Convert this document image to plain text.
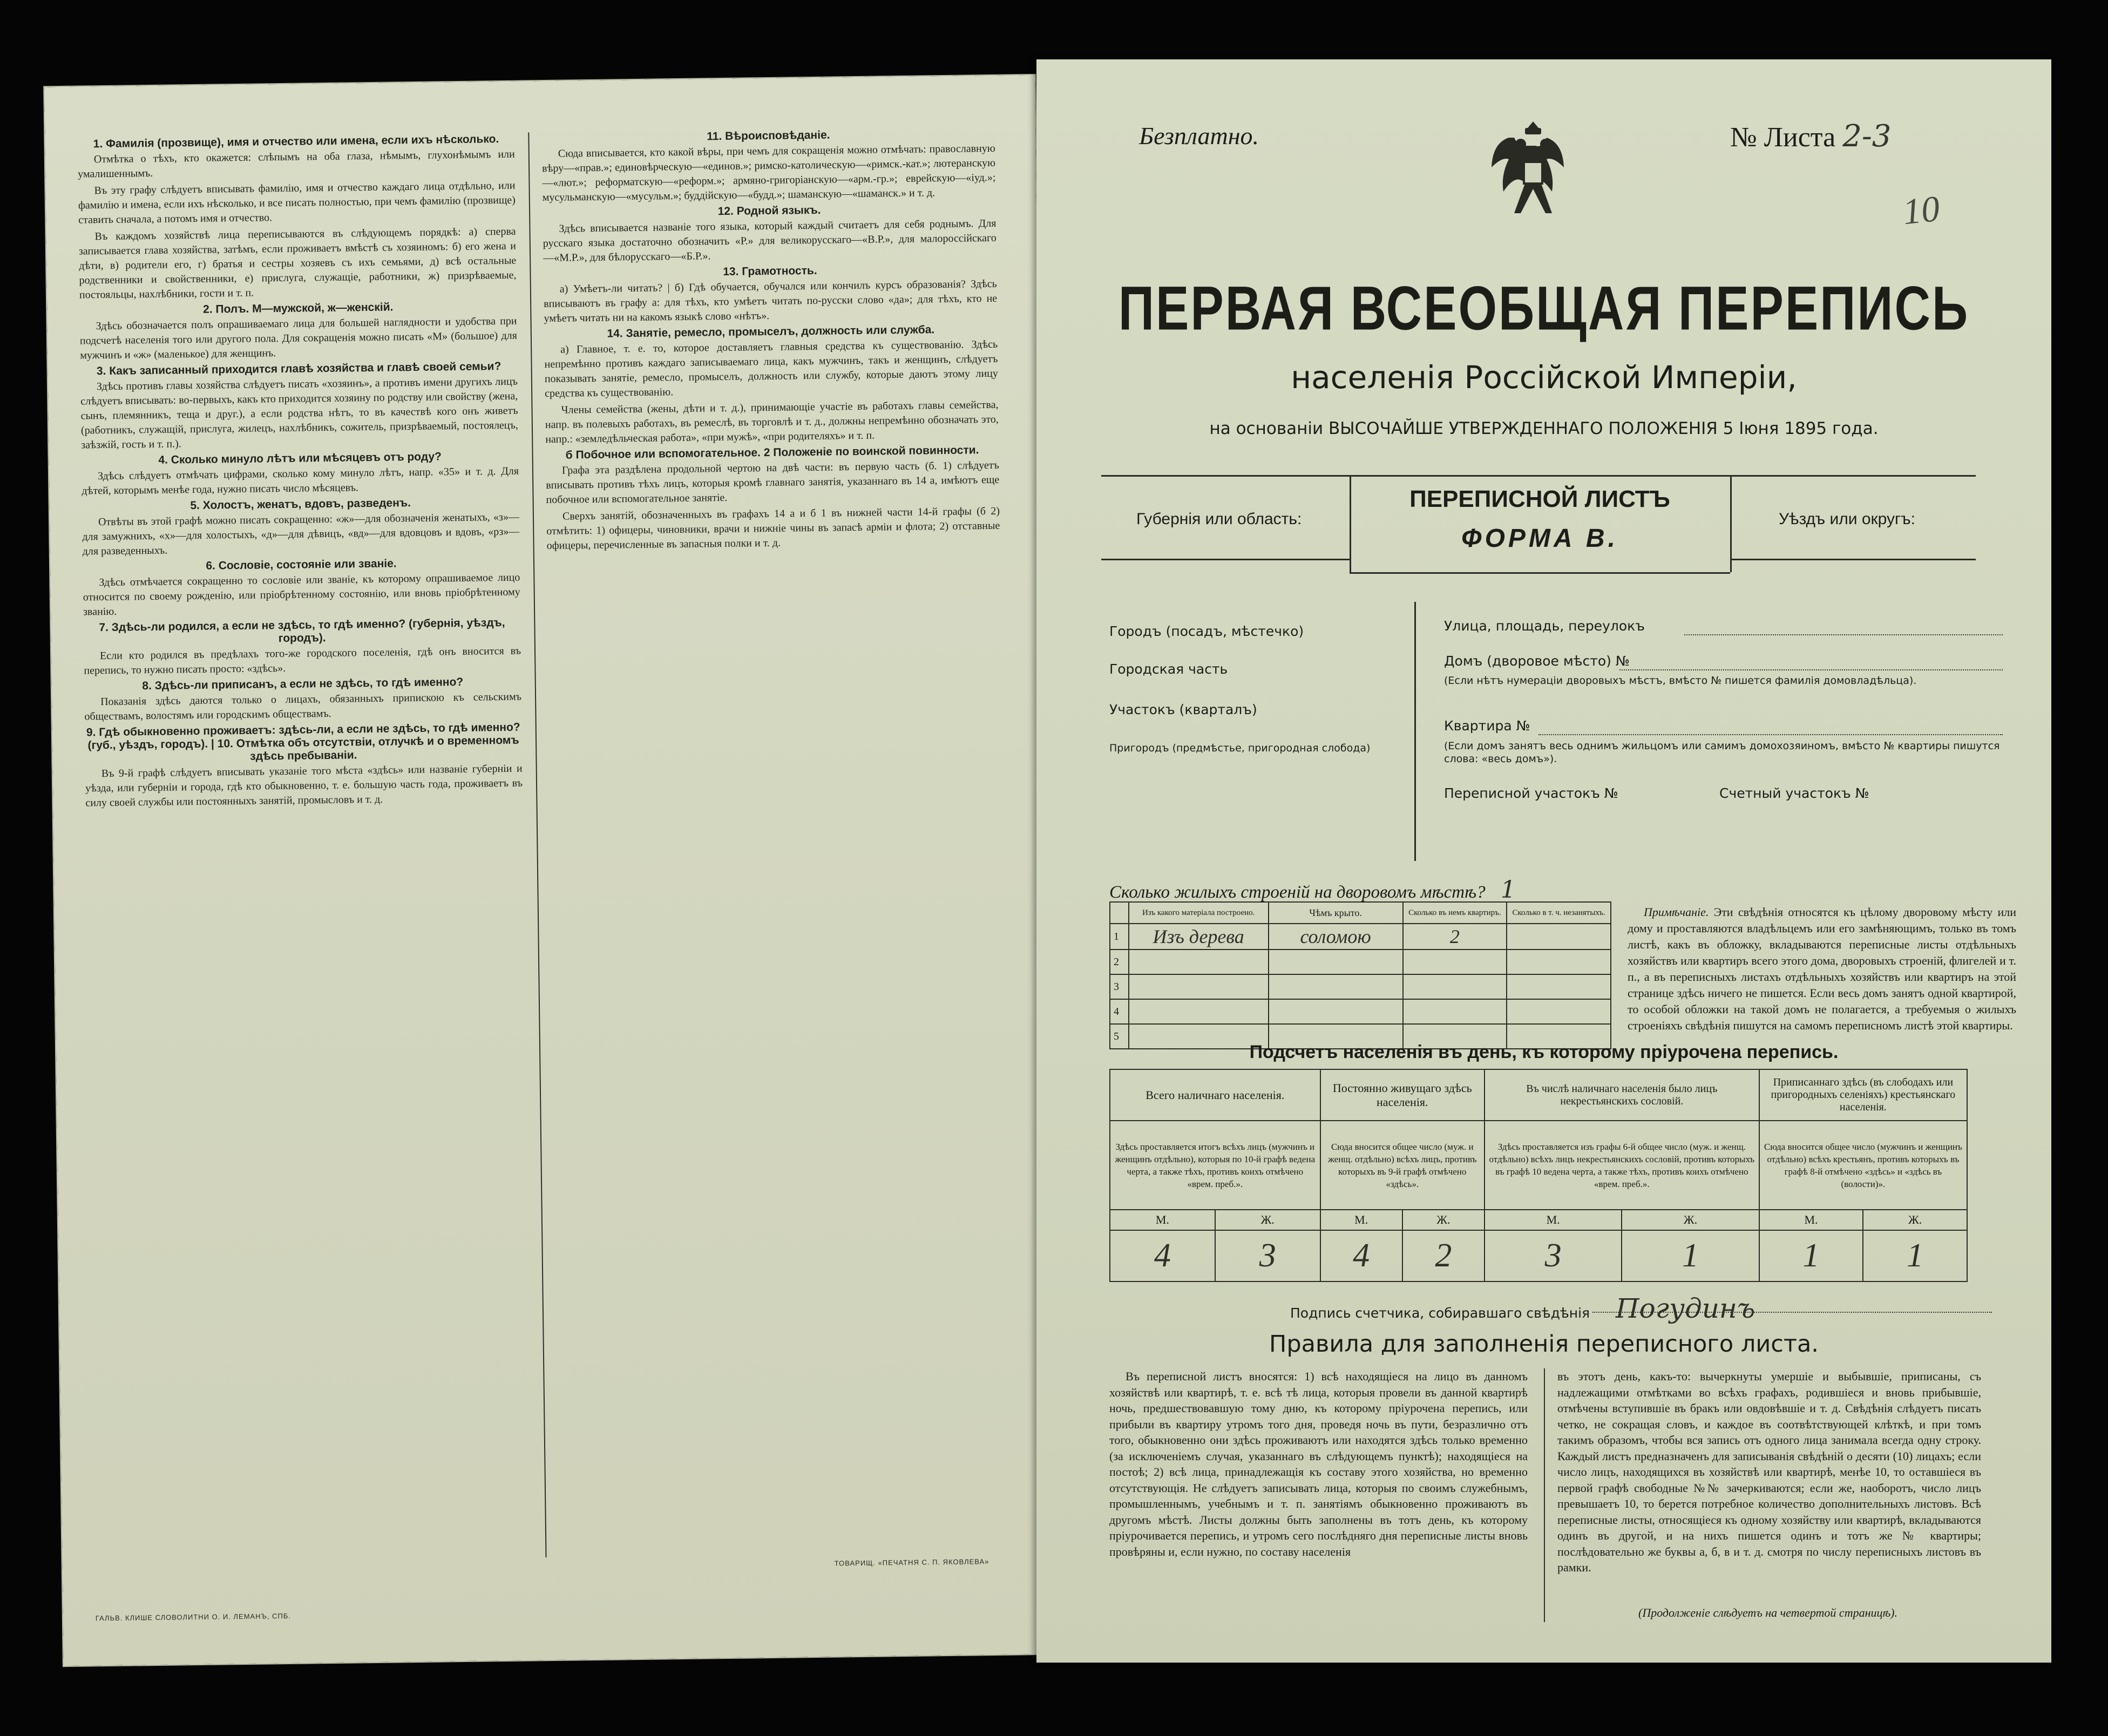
1. Фамилія (прозвище), имя и отчество или имена, если ихъ нѣсколько.
Отмѣтка о тѣхъ, кто окажется: слѣпымъ на оба глаза, нѣмымъ, глухонѣмымъ или умалишеннымъ.
Въ эту графу слѣдуетъ вписывать фамилію, имя и отчество каждаго лица отдѣльно, или фамилію и имена, если ихъ нѣсколько, и все писать полностью, при чемъ фамилію (прозвище) ставить сначала, а потомъ имя и отчество.
Въ каждомъ хозяйствѣ лица переписываются въ слѣдующемъ порядкѣ: а) сперва записывается глава хозяйства, затѣмъ, если проживаетъ вмѣстѣ съ хозяиномъ: б) его жена и дѣти, в) родители его, г) братья и сестры хозяевъ съ ихъ семьями, д) всѣ остальные родственники и свойственники, е) прислуга, служащіе, работники, ж) призрѣваемые, постояльцы, нахлѣбники, гости и т. п.
2. Полъ. М—мужской, ж—женскій.
Здѣсь обозначается полъ опрашиваемаго лица для большей наглядности и удобства при подсчетѣ населенія того или другого пола. Для сокращенія можно писать «М» (большое) для мужчинъ и «ж» (маленькое) для женщинъ.
3. Какъ записанный приходится главѣ хозяйства и главѣ своей семьи?
Здѣсь противъ главы хозяйства слѣдуетъ писать «хозяинъ», а противъ имени другихъ лицъ слѣдуетъ вписывать: во-первыхъ, какъ кто приходится хозяину по родству или свойству (жена, сынъ, племянникъ, теща и друг.), а если родства нѣтъ, то въ качествѣ кого онъ живетъ (работникъ, служащій, прислуга, жилецъ, нахлѣбникъ, сожитель, призрѣваемый, постоялецъ, заѣзжій, гость и т. п.).
4. Сколько минуло лѣтъ или мѣсяцевъ отъ роду?
Здѣсь слѣдуетъ отмѣчать цифрами, сколько кому минуло лѣтъ, напр. «35» и т. д. Для дѣтей, которымъ менѣе года, нужно писать число мѣсяцевъ.
5. Холостъ, женатъ, вдовъ, разведенъ.
Отвѣты въ этой графѣ можно писать сокращенно: «ж»—для обозначенія женатыхъ, «з»—для замужнихъ, «х»—для холостыхъ, «д»—для дѣвицъ, «вд»—для вдовцовъ и вдовъ, «рз»—для разведенныхъ.
6. Сословіе, состояніе или званіе.
Здѣсь отмѣчается сокращенно то сословіе или званіе, къ которому опрашиваемое лицо относится по своему рожденію, или пріобрѣтенному состоянію, или вновь пріобрѣтенному званію.
7. Здѣсь-ли родился, а если не здѣсь, то гдѣ именно? (губернія, уѣздъ, городъ).
Если кто родился въ предѣлахъ того-же городского поселенія, гдѣ онъ вносится въ перепись, то нужно писать просто: «здѣсь».
8. Здѣсь-ли приписанъ, а если не здѣсь, то гдѣ именно?
Показанія здѣсь даются только о лицахъ, обязанныхъ припискою къ сельскимъ обществамъ, волостямъ или городскимъ обществамъ.
9. Гдѣ обыкновенно проживаетъ: здѣсь-ли, а если не здѣсь, то гдѣ именно? (губ., уѣздъ, городъ). | 10. Отмѣтка объ отсутствіи, отлучкѣ и о временномъ здѣсь пребываніи.
Въ 9-й графѣ слѣдуетъ вписывать указаніе того мѣста «здѣсь» или названіе губерніи и уѣзда, или губерніи и города, гдѣ кто обыкновенно, т. е. большую часть года, проживаетъ въ силу своей службы или постоянныхъ занятій, промысловъ и т. д.
11. Вѣроисповѣданіе.
Сюда вписывается, кто какой вѣры, при чемъ для сокращенія можно отмѣчать: православную вѣру—«прав.»; единовѣрческую—«единов.»; римско-католическую—«римск.-кат.»; лютеранскую—«лют.»; реформатскую—«реформ.»; армяно-григоріанскую—«арм.-гр.»; еврейскую—«іуд.»; мусульманскую—«мусульм.»; буддійскую—«будд.»; шаманскую—«шаманск.» и т. д.
12. Родной языкъ.
Здѣсь вписывается названіе того языка, который каждый считаетъ для себя роднымъ. Для русскаго языка достаточно обозначить «Р.» для великорусскаго—«В.Р.», для малороссійскаго—«М.Р.», для бѣлорусскаго—«Б.Р.».
13. Грамотность.
а) Умѣетъ-ли читать? | б) Гдѣ обучается, обучался или кончилъ курсъ образованія? Здѣсь вписываютъ въ графу а: для тѣхъ, кто умѣетъ читать по-русски слово «да»; для тѣхъ, кто не умѣетъ читать ни на какомъ языкѣ слово «нѣтъ».
14. Занятіе, ремесло, промыселъ, должность или служба.
а) Главное, т. е. то, которое доставляетъ главныя средства къ существованію. Здѣсь непремѣнно противъ каждаго записываемаго лица, какъ мужчинъ, такъ и женщинъ, слѣдуетъ показывать занятіе, ремесло, промыселъ, должность или службу, которые даютъ этому лицу средства къ существованію.
Члены семейства (жены, дѣти и т. д.), принимающіе участіе въ работахъ главы семейства, напр. въ полевыхъ работахъ, въ ремеслѣ, въ торговлѣ и т. д., должны непремѣнно обозначать это, напр.: «земледѣльческая работа», «при мужѣ», «при родителяхъ» и т. п.
б Побочное или вспомогательное. 2 Положеніе по воинской повинности.
Графа эта раздѣлена продольной чертою на двѣ части: въ первую часть (б. 1) слѣдуетъ вписывать противъ тѣхъ лицъ, которыя кромѣ главнаго занятія, указаннаго въ 14 а, имѣютъ еще побочное или вспомогательное занятіе.
Сверхъ занятій, обозначенныхъ въ графахъ 14 а и б 1 въ нижней части 14-й графы (б 2) отмѣтить: 1) офицеры, чиновники, врачи и нижніе чины въ запасѣ арміи и флота; 2) отставные офицеры, перечисленные въ запасныя полки и т. д.
ГАЛЬВ. КЛИШЕ СЛОВОЛИТНИ О. И. ЛЕМАНЪ, СПБ.
ТОВАРИЩ. «ПЕЧАТНЯ С. П. ЯКОВЛЕВА»
Безплатно.	№ Листа 2-3
10
ПЕРВАЯ ВСЕОБЩАЯ ПЕРЕПИСЬ
населенія Россійской Имперіи,
на основаніи ВЫСОЧАЙШЕ УТВЕРЖДЕННАГО ПОЛОЖЕНІЯ 5 Іюня 1895 года.
Губернія или область:	Уѣздъ или округъ:
ПЕРЕПИСНОЙ ЛИСТЪ
ФОРМА В.
Городъ (посадъ, мѣстечко)
Городская часть
Участокъ (кварталъ)
Пригородъ (предмѣстье, пригородная слобода)
Улица, площадь, переулокъ
Домъ (дворовое мѣсто) №
(Если нѣтъ нумераціи дворовыхъ мѣстъ, вмѣсто № пишется фамилія домовладѣльца).
Квартира №
(Если домъ занятъ весь однимъ жильцомъ или самимъ домохозяиномъ, вмѣсто № квартиры пишутся слова: «весь домъ»).
Переписной участокъ №	Счетный участокъ №
Сколько жилыхъ строеній на дворовомъ мѣстѣ? 1
	Изъ какого матеріала построено.	Чѣмъ крыто.	Сколько въ немъ квартиръ.	Сколько в т. ч. незанятыхъ.
1	Изъ дерева	соломою	2	
2				
3				
4				
5				
Примѣчаніе. Эти свѣдѣнія относятся къ цѣлому дворовому мѣсту или дому и проставляются владѣльцемъ или его замѣняющимъ, только въ томъ листѣ, какъ въ обложку, вкладываются переписные листы отдѣльныхъ хозяйствъ или квартиръ всего этого дома, дворовыхъ строеній, флигелей и т. п., а въ переписныхъ листахъ отдѣльныхъ хозяйствъ или квартиръ на этой странице здѣсь ничего не пишется. Если весь домъ занятъ одной квартирой, то особой обложки на такой домъ не полагается, а требуемыя о жилыхъ строеніяхъ свѣдѣнія пишутся на самомъ переписномъ листѣ этой квартиры.
Подсчетъ населенія въ день, къ которому пріурочена перепись.
Всего наличнаго населенія.		Постоянно живущаго здѣсь населенія.		Въ числѣ наличнаго населенія было лицъ некрестьянскихъ сословій.		Приписаннаго здѣсь (въ слободахъ или пригородныхъ селеніяхъ) крестьянскаго населенія.	
Здѣсь проставляется итогъ всѣхъ лицъ (мужчинъ и женщинъ отдѣльно), которыя по 10-й графѣ ведена черта, а также тѣхъ, противъ коихъ отмѣчено «врем. преб.».		Сюда вносится общее число (муж. и женщ. отдѣльно) всѣхъ лицъ, противъ которыхъ въ 9-й графѣ отмѣчено «здѣсь».		Здѣсь проставляется изъ графы 6-й общее число (муж. и женщ. отдѣльно) всѣхъ лицъ некрестьянскихъ сословій, противъ которыхъ въ графѣ 10 ведена черта, а также тѣхъ, противъ коихъ отмѣчено «врем. преб.».		Сюда вносится общее число (мужчинъ и женщинъ отдѣльно) всѣхъ крестьянъ, противъ которыхъ въ графѣ 8-й отмѣчено «здѣсь» и «здѣсь въ (волости)».	
М.	Ж.	М.	Ж.	М.	Ж.	М.	Ж.
4	3	4	2	3	1	1	1
Подпись счетчика, собиравшаго свѣдѣнія Погудинъ
Правила для заполненія переписного листа.
Въ переписной листъ вносятся: 1) всѣ находящіеся на лицо въ данномъ хозяйствѣ или квартирѣ, т. е. всѣ тѣ лица, которыя провели въ данной квартирѣ ночь, предшествовавшую тому дню, къ которому пріурочена перепись, или прибыли въ квартиру утромъ того дня, проведя ночь въ пути, безразлично отъ того, обыкновенно они здѣсь проживаютъ или находятся здѣсь только временно (за исключеніемъ случая, указаннаго въ слѣдующемъ пунктѣ); находящіеся на постоѣ; 2) всѣ лица, принадлежащія къ составу этого хозяйства, но временно отсутствующія. Не слѣдуетъ записывать лица, которыя по своимъ служебнымъ, промышленнымъ, учебнымъ и т. п. занятіямъ обыкновенно проживаютъ въ другомъ мѣстѣ. Листы должны быть заполнены въ тотъ день, къ которому пріурочивается перепись, и утромъ сего послѣдняго дня переписные листы вновь провѣряны и, если нужно, по составу населенія
въ этотъ день, какъ-то: вычеркнуты умершіе и выбывшіе, приписаны, съ надлежащими отмѣтками во всѣхъ графахъ, родившіеся и вновь прибывшіе, отмѣчены вступившіе въ бракъ или овдовѣвшіе и т. д. Свѣдѣнія слѣдуетъ писать четко, не сокращая словъ, и каждое въ соотвѣтствующей клѣткѣ, и при томъ такимъ образомъ, чтобы вся запись отъ одного лица занимала всегда одну строку. Каждый листъ предназначенъ для записыванія свѣдѣній о десяти (10) лицахъ; если число лицъ, находящихся въ хозяйствѣ или квартирѣ, менѣе 10, то оставшіеся въ первой графѣ свободные №№ зачеркиваются; если же, наоборотъ, число лицъ превышаетъ 10, то берется потребное количество дополнительныхъ листовъ. Всѣ переписные листы, относящіеся къ одному хозяйству или квартирѣ, вкладываются одинъ въ другой, и на нихъ пишется одинъ и тотъ же № квартиры; послѣдовательно же буквы а, б, в и т. д. смотря по числу переписныхъ листовъ въ рамки.
(Продолженіе слѣдуетъ на четвертой страницѣ).
